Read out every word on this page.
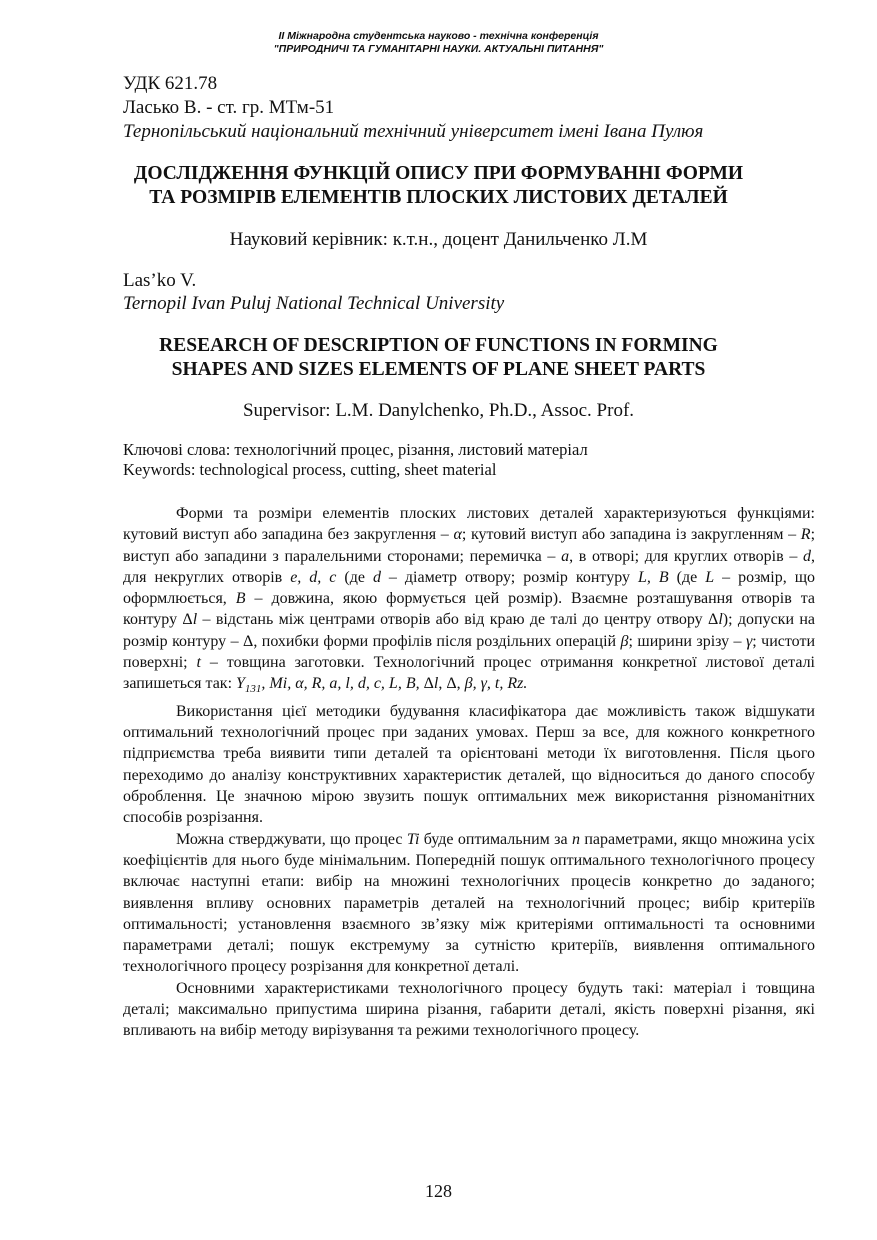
II Міжнародна студентська науково - технічна конференція
"ПРИРОДНИЧІ ТА ГУМАНІТАРНІ НАУКИ. АКТУАЛЬНІ ПИТАННЯ"
УДК 621.78
Ласько В. - ст. гр. МТм-51
Тернопільський національний технічний університет імені Івана Пулюя
ДОСЛІДЖЕННЯ ФУНКЦІЙ ОПИСУ ПРИ ФОРМУВАННІ ФОРМИ
ТА РОЗМІРІВ ЕЛЕМЕНТІВ ПЛОСКИХ ЛИСТОВИХ ДЕТАЛЕЙ
Науковий керівник: к.т.н., доцент Данильченко Л.М
Las’ko V.
Ternopil Ivan Puluj National Technical University
RESEARCH OF DESCRIPTION OF FUNCTIONS IN FORMING
SHAPES AND SIZES ELEMENTS OF PLANE SHEET PARTS
Supervisor: L.M. Danylchenko, Ph.D., Assoc. Prof.
Ключові слова: технологічний процес, різання, листовий матеріал
Keywords: technological process, cutting, sheet material

Форми та розміри елементів плоских листових деталей характеризуються функціями: кутовий виступ або западина без закруглення – α; кутовий виступ або западина із закругленням – R; виступ або западини з паралельними сторонами; перемичка – a, в отворі; для круглих отворів – d, для некруглих отворів e, d, c (де d – діаметр отвору; розмір контуру L, B (де L – розмір, що оформлюється, B – довжина, якою формується цей розмір). Взаємне розташування отворів та контуру Δl – відстань між центрами отворів або від краю де талі до центру отвору Δl); допуски на розмір контуру – Δ, похибки форми профілів після роздільних операцій β; ширини зрізу – γ; чистоти поверхні; t – товщина заготовки. Технологічний процес отримання конкретної листової деталі запишеться так: $Y_{131}$, Mi, α, R, a, l, d, c, L, B, Δl, Δ, β, γ, t, Rz.

Використання цієї методики будування класифікатора дає можливість також відшукати оптимальний технологічний процес при заданих умовах. Перш за все, для кожного конкретного підприємства треба виявити типи деталей та орієнтовані методи їх виготовлення. Після цього переходимо до аналізу конструктивних характеристик деталей, що відноситься до даного способу оброблення. Це значною мірою звузить пошук оптимальних меж використання різноманітних способів розрізання.

Можна стверджувати, що процес Ti буде оптимальним за n параметрами, якщо множина усіх коефіцієнтів для нього буде мінімальним. Попередній пошук оптимального технологічного процесу включає наступні етапи: вибір на множині технологічних процесів конкретно до заданого; виявлення впливу основних параметрів деталей на технологічний процес; вибір критеріїв оптимальності; установлення взаємного зв’язку між критеріями оптимальності та основними параметрами деталі; пошук екстремуму за сутністю критеріїв, виявлення оптимального технологічного процесу розрізання для конкретної деталі.

Основними характеристиками технологічного процесу будуть такі: матеріал і товщина деталі; максимально припустима ширина різання, габарити деталі, якість поверхні різання, які впливають на вибір методу вирізування та режими технологічного процесу.

128
